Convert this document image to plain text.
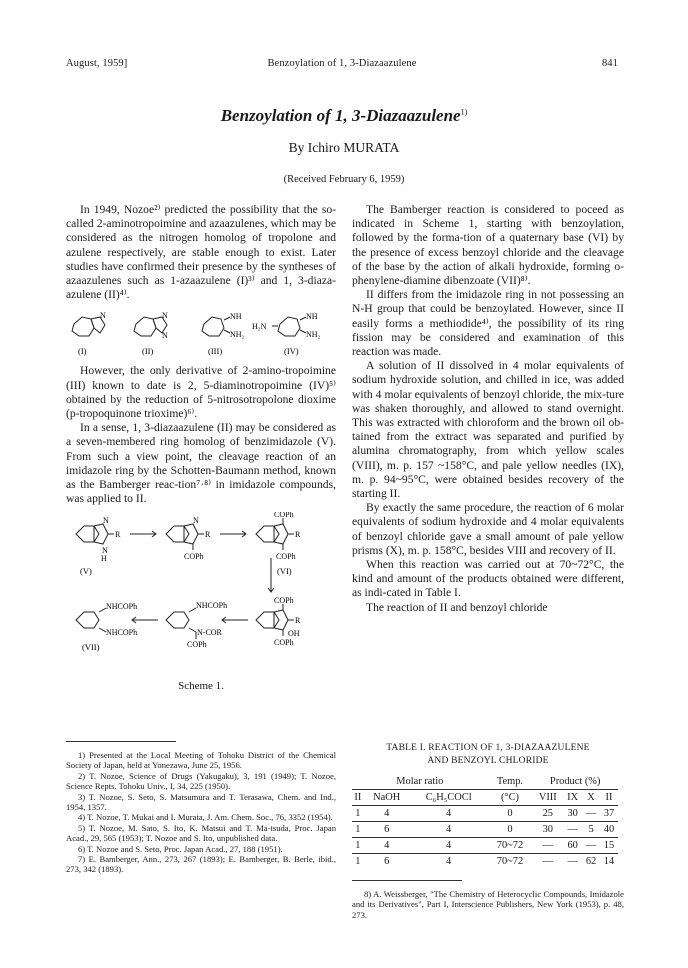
August, 1959]	Benzoylation of 1, 3-Diazaazulene	841
Benzoylation of 1, 3-Diazaazulene$^{1)}$
By Ichiro MURATA
(Received February 6, 1959)

In 1949, Nozoe²⁾ predicted the possibility that the so-called 2-aminotropoimine and azaazulenes, which may be considered as the nitrogen homolog of tropolone and azulene respectively, are stable enough to exist. Later studies have confirmed their presence by the syntheses of azaazulenes such as 1-azaazulene (I)³⁾ and 1, 3-diaza-azulene (II)⁴⁾.

N	N
N
NH
NH₂
H₂N
NH
NH₂
(I)	(II)	(III)	(IV)

However, the only derivative of 2-amino-tropoimine (III) known to date is 2, 5-diaminotropoimine (IV)⁵⁾ obtained by the reduction of 5-nitrosotropolone dioxime (p-tropoquinone trioxime)⁶⁾.

In a sense, 1, 3-diazaazulene (II) may be considered as a seven-membered ring homolog of benzimidazole (V). From such a view point, the cleavage reaction of an imidazole ring by the Schotten-Baumann method, known as the Bamberger reac-tion⁷·⁸⁾ in imidazole compounds, was applied to II.

N
R
N
H
(V)
N
R
COPh
COPh
R
COPh
(VI)
COPh
R
OH
COPh
NHCOPh
N-COR
COPh
NHCOPh
NHCOPh
(VII)
Scheme 1.

1) Presented at the Local Meeting of Tohoku District of the Chemical Society of Japan, held at Yonezawa, June 25, 1956.

2) T. Nozoe, Science of Drugs (Yakugaku), 3, 191 (1949); T. Nozoe, Science Repts. Tohoku Univ., I, 34, 225 (1950).

3) T. Nozoe, S. Seto, S. Matsumura and T. Terasawa, Chem. and Ind., 1954, 1357.

4) T. Nozoe, T. Mukai and I. Murata, J. Am. Chem. Soc., 76, 3352 (1954).

5) T. Nozoe, M. Sato, S. Ito, K. Matsui and T. Ma-tsuda, Proc. Japan Acad., 29, 565 (1953); T. Nozoe and S. Ito, unpublished data.

6) T. Nozoe and S. Seto, Proc. Japan Acad., 27, 188 (1951).

7) E. Bamberger, Ann., 273, 267 (1893); E. Bamberger, B. Berle, ibid., 273, 342 (1893).

The Bamberger reaction is considered to poceed as indicated in Scheme 1, starting with benzoylation, followed by the forma-tion of a quaternary base (VI) by the presence of excess benzoyl chloride and the cleavage of the base by the action of alkali hydroxide, forming o-phenylene-diamine dibenzoate (VII)⁸⁾.

II differs from the imidazole ring in not possessing an N-H group that could be benzoylated. However, since II easily forms a methiodide⁴⁾, the possibility of its ring fission may be considered and examination of this reaction was made.

A solution of II dissolved in 4 molar equivalents of sodium hydroxide solution, and chilled in ice, was added with 4 molar equivalents of benzoyl chloride, the mix-ture was shaken thoroughly, and allowed to stand overnight. This was extracted with chloroform and the brown oil ob-tained from the extract was separated and purified by alumina chromatography, from which yellow scales (VIII), m. p. 157 ~158°C, and pale yellow needles (IX), m. p. 94~95°C, were obtained besides recovery of the starting II.

By exactly the same procedure, the reaction of 6 molar equivalents of sodium hydroxide and 4 molar equivalents of benzoyl chloride gave a small amount of pale yellow prisms (X), m. p. 158°C, besides VIII and recovery of II.

When this reaction was carried out at 70~72°C, the kind and amount of the products obtained were different, as indi-cated in Table I.

The reaction of II and benzoyl chloride

TABLE I. REACTION OF 1, 3-DIAZAAZULENE
AND BENZOYL CHLORIDE
Molar ratio			Temp.	Product (%)			
II	NaOH	C₆H₅COCl	(°C)	VIII	IX	X	II
1	4	4	0	25	30	—	37
1	6	4	0	30	—	5	40
1	4	4	70~72	—	60	—	15
1	6	4	70~72	—	—	62	14

8) A. Weissberger, "The Chemistry of Heterocyclic Compounds, Imidazole and its Derivatives", Part I, Interscience Publishers, New York (1953), p. 48, 273.
